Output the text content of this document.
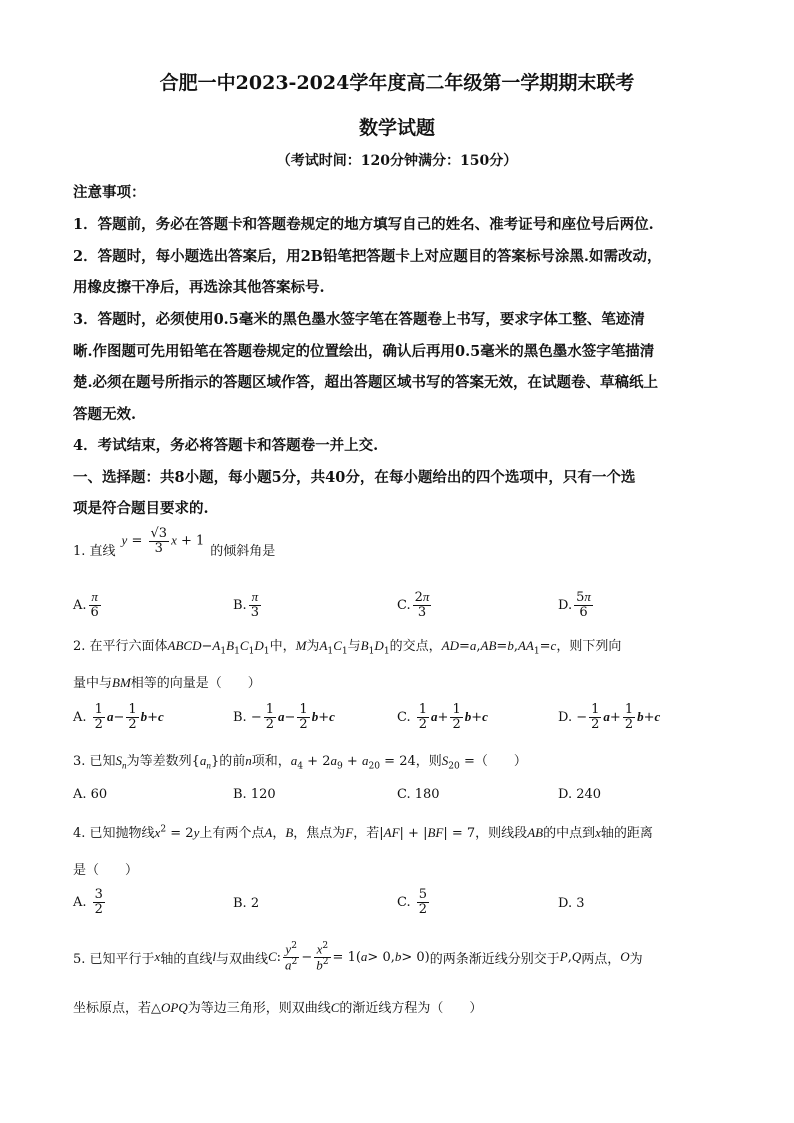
合肥一中2023-2024学年度高二年级第一学期期末联考
数学试题
（考试时间：120分钟满分：150分）
注意事项：
1．答题前，务必在答题卡和答题卷规定的地方填写自己的姓名、准考证号和座位号后两位.
2．答题时，每小题选出答案后，用2B铅笔把答题卡上对应题目的答案标号涂黑.如需改动，
用橡皮擦干净后，再选涂其他答案标号.
3．答题时，必须使用0.5毫米的黑色墨水签字笔在答题卷上书写，要求字体工整、笔迹清
晰.作图题可先用铅笔在答题卷规定的位置绘出，确认后再用0.5毫米的黑色墨水签字笔描清
楚.必须在题号所指示的答题区域作答，超出答题区域书写的答案无效，在试题卷、草稿纸上
答题无效.
4．考试结束，务必将答题卡和答题卷一并上交.
一、选择题：共8小题，每小题5分，共40分，在每小题给出的四个选项中，只有一个选
项是符合题目要求的.
1. 直线
$y = \frac{√3}{3}$ x + 1
的倾斜角是
A. $\frac{\pi}{6}$	B. $\frac{\pi}{3}$	C. $\frac{2\pi}{3}$	D. $\frac{5\pi}{6}$
2. 在平行六面体$ABCD-A_1B_1C_1D_1$中，M为$A_1C_1$与$B_1D_1$的交点，$AD=a,AB=b,AA_1=c$，则下列向
量中与BM相等的向量是（　　）
A.
$\frac{1}{2}$ $a - \frac{1}{2}$ b + c	B. − $\frac{1}{2}$ $a - \frac{1}{2}$ b + c	C.
$\frac{1}{2}$ $a + \frac{1}{2}$ b + c	D. − $\frac{1}{2}$ $a + \frac{1}{2}$ b + c
3. 已知$S_n$为等差数列$\{a_n\}$的前n项和，$a_4 + 2a_9 + a_{20} = 24$，则$S_{20}$ =（　　）
A. 60	B. 120	C. 180	D. 240
4. 已知抛物线$x^2 = 2y$上有两个点A，B，焦点为F，若|AF| + |BF| = 7，则线段AB的中点到x轴的距离
是（　　）
A.
$\frac{3}{2}$	B. 2	C.
$\frac{5}{2}$	D. 3
5. 已知平行于 x 轴的直线 l 与双曲线 C : $\frac{y^2}{a^2} - \frac{x^2}{b^2} = 1$( a > 0, b > 0) 的两条渐近线分别交于 P , Q 两点， O 为
坐标原点，若△OPQ为等边三角形，则双曲线C的渐近线方程为（　　）
